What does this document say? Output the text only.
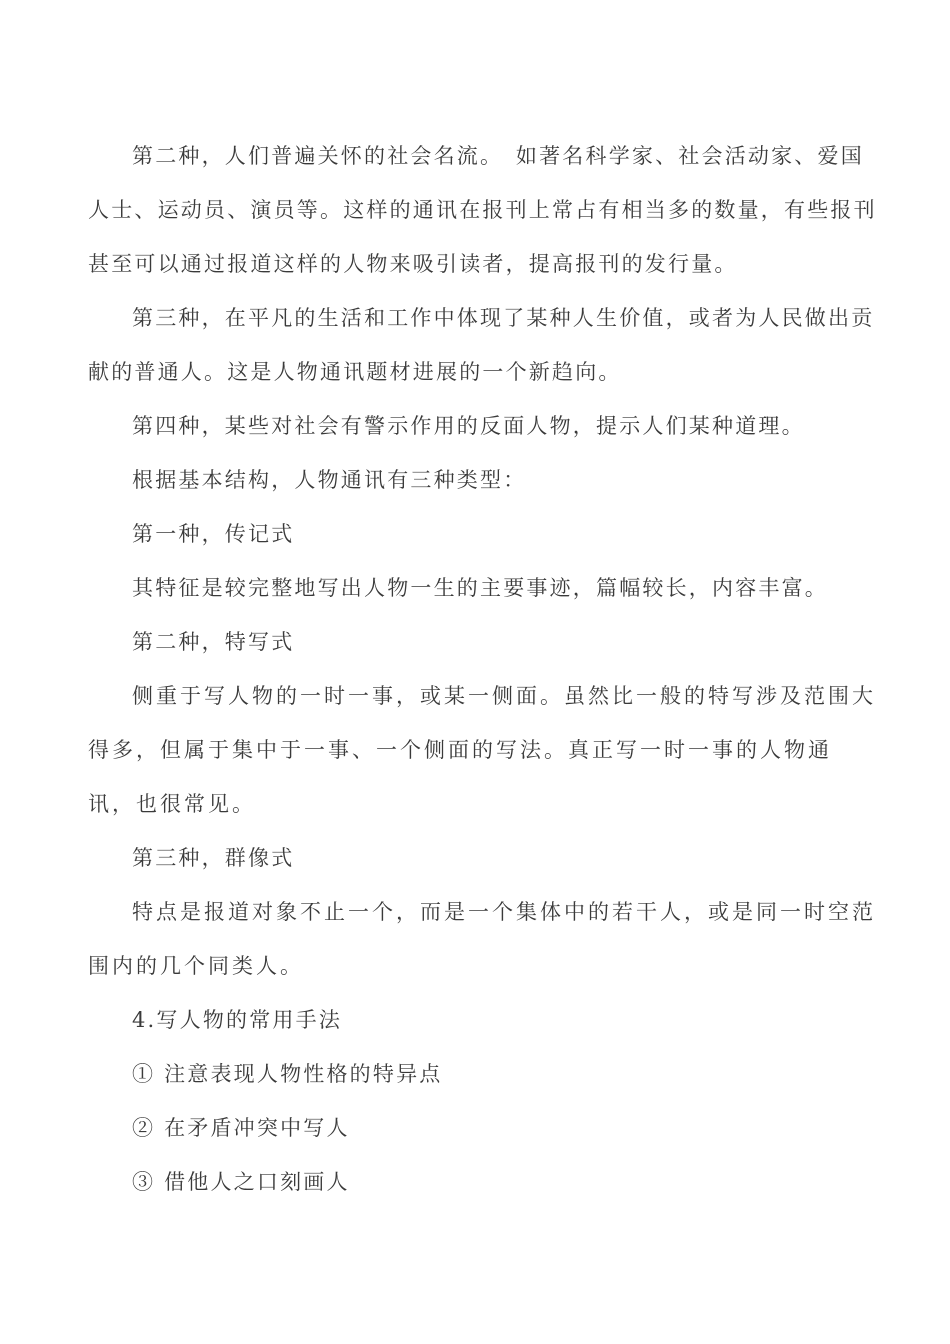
第二种，人们普遍关怀的社会名流。　如著名科学家、社会活动家、爱国人士、运动员、演员等。这样的通讯在报刊上常占有相当多的数量，有些报刊甚至可以通过报道这样的人物来吸引读者，提高报刊的发行量。

第三种，在平凡的生活和工作中体现了某种人生价值，或者为人民做出贡献的普通人。这是人物通讯题材进展的一个新趋向。

第四种，某些对社会有警示作用的反面人物，提示人们某种道理。

根据基本结构，人物通讯有三种类型：

第一种，传记式

其特征是较完整地写出人物一生的主要事迹，篇幅较长，内容丰富。

第二种，特写式

侧重于写人物的一时一事，或某一侧面。虽然比一般的特写涉及范围大得多，但属于集中于一事、一个侧面的写法。真正写一时一事的人物通讯，也很常见。

第三种，群像式

特点是报道对象不止一个，而是一个集体中的若干人，或是同一时空范围内的几个同类人。

4.写人物的常用手法

① 注意表现人物性格的特异点

② 在矛盾冲突中写人

③ 借他人之口刻画人
